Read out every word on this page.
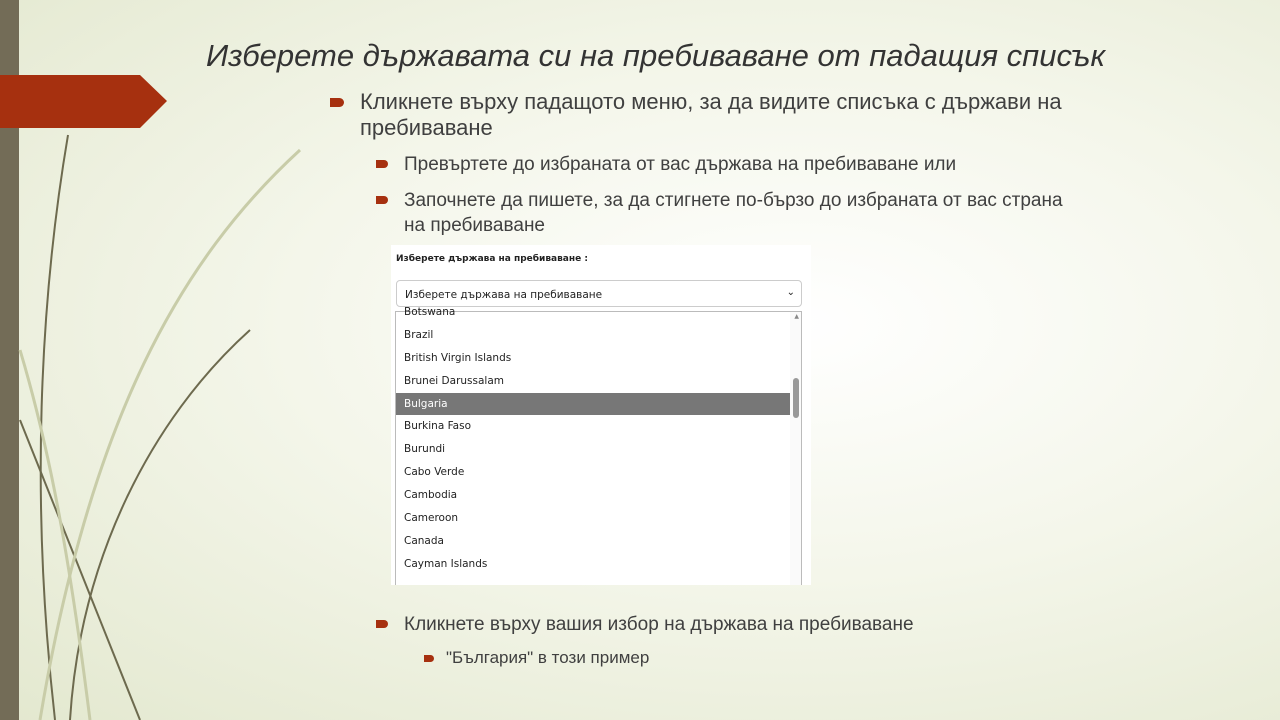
Изберете държавата си на пребиваване от падащия списък
Кликнете върху падащото меню, за да видите списъка с държави на пребиваване
Превъртете до избраната от вас държава на пребиваване или
Започнете да пишете, за да стигнете по-бързо до избраната от вас страна на пребиваване
Изберете държава на пребиваване :
Изберете държава на пребиваване	⌄
Botswana
Brazil
British Virgin Islands
Brunei Darussalam
Bulgaria
Burkina Faso
Burundi
Cabo Verde
Cambodia
Cameroon
Canada
Cayman Islands
▲
Кликнете върху вашия избор на държава на пребиваване
"България" в този пример
